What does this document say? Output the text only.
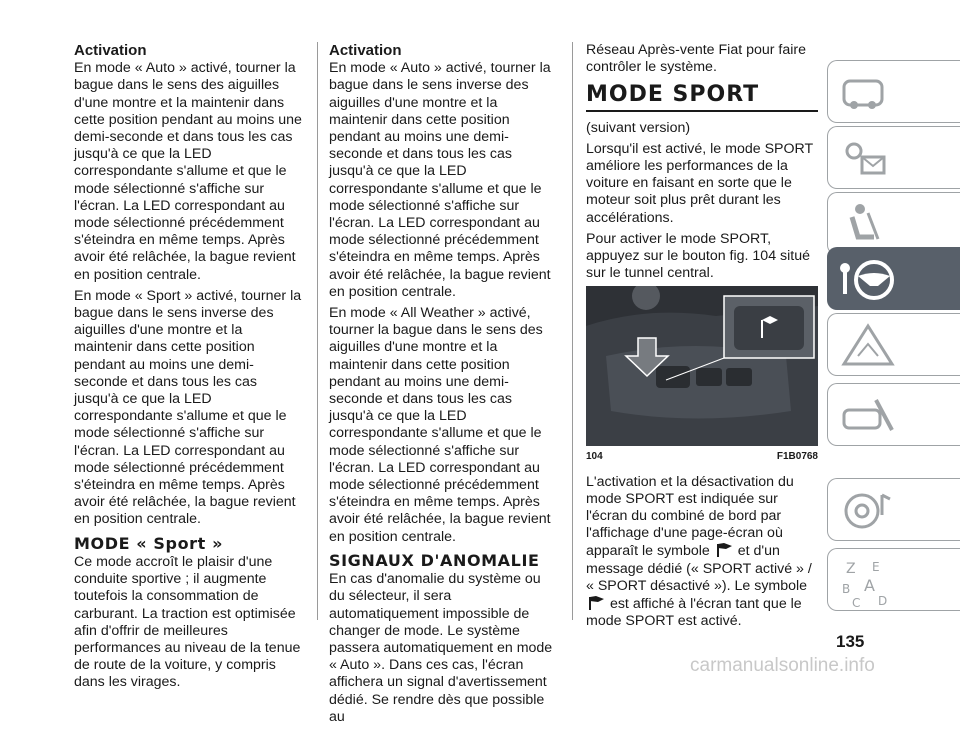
Activation

En mode « Auto » activé, tourner la bague dans le sens des aiguilles d'une montre et la maintenir dans cette position pendant au moins une demi-seconde et dans tous les cas jusqu'à ce que la LED correspondante s'allume et que le mode sélectionné s'affiche sur l'écran. La LED correspondant au mode sélectionné précédemment s'éteindra en même temps. Après avoir été relâchée, la bague revient en position centrale.

En mode « Sport » activé, tourner la bague dans le sens inverse des aiguilles d'une montre et la maintenir dans cette position pendant au moins une demi-seconde et dans tous les cas jusqu'à ce que la LED correspondante s'allume et que le mode sélectionné s'affiche sur l'écran. La LED correspondant au mode sélectionné précédemment s'éteindra en même temps. Après avoir été relâchée, la bague revient en position centrale.

MODE « Sport »

Ce mode accroît le plaisir d'une conduite sportive ; il augmente toutefois la consommation de carburant. La traction est optimisée afin d'offrir de meilleures performances au niveau de la tenue de route de la voiture, y compris dans les virages.

Activation

En mode « Auto » activé, tourner la bague dans le sens inverse des aiguilles d'une montre et la maintenir dans cette position pendant au moins une demi-seconde et dans tous les cas jusqu'à ce que la LED correspondante s'allume et que le mode sélectionné s'affiche sur l'écran. La LED correspondant au mode sélectionné précédemment s'éteindra en même temps. Après avoir été relâchée, la bague revient en position centrale.

En mode « All Weather » activé, tourner la bague dans le sens des aiguilles d'une montre et la maintenir dans cette position pendant au moins une demi-seconde et dans tous les cas jusqu'à ce que la LED correspondante s'allume et que le mode sélectionné s'affiche sur l'écran. La LED correspondant au mode sélectionné précédemment s'éteindra en même temps. Après avoir été relâchée, la bague revient en position centrale.

SIGNAUX D'ANOMALIE

En cas d'anomalie du système ou du sélecteur, il sera automatiquement impossible de changer de mode. Le système passera automatiquement en mode « Auto ». Dans ces cas, l'écran affichera un signal d'avertissement dédié. Se rendre dès que possible au

Réseau Après-vente Fiat pour faire contrôler le système.

MODE SPORT

(suivant version)

Lorsqu'il est activé, le mode SPORT améliore les performances de la voiture en faisant en sorte que le moteur soit plus prêt durant les accélérations.

Pour activer le mode SPORT, appuyez sur le bouton fig. 104 situé sur le tunnel central.

104	F1B0768

L'activation et la désactivation du mode SPORT est indiquée sur l'écran du combiné de bord par l'affichage d'une page-écran où apparaît le symbole et d'un message dédié (« SPORT activé » / « SPORT désactivé »). Le symbole  est affiché à l'écran tant que le mode SPORT est activé.

Z E
B A
C D
135
carmanualsonline.info
